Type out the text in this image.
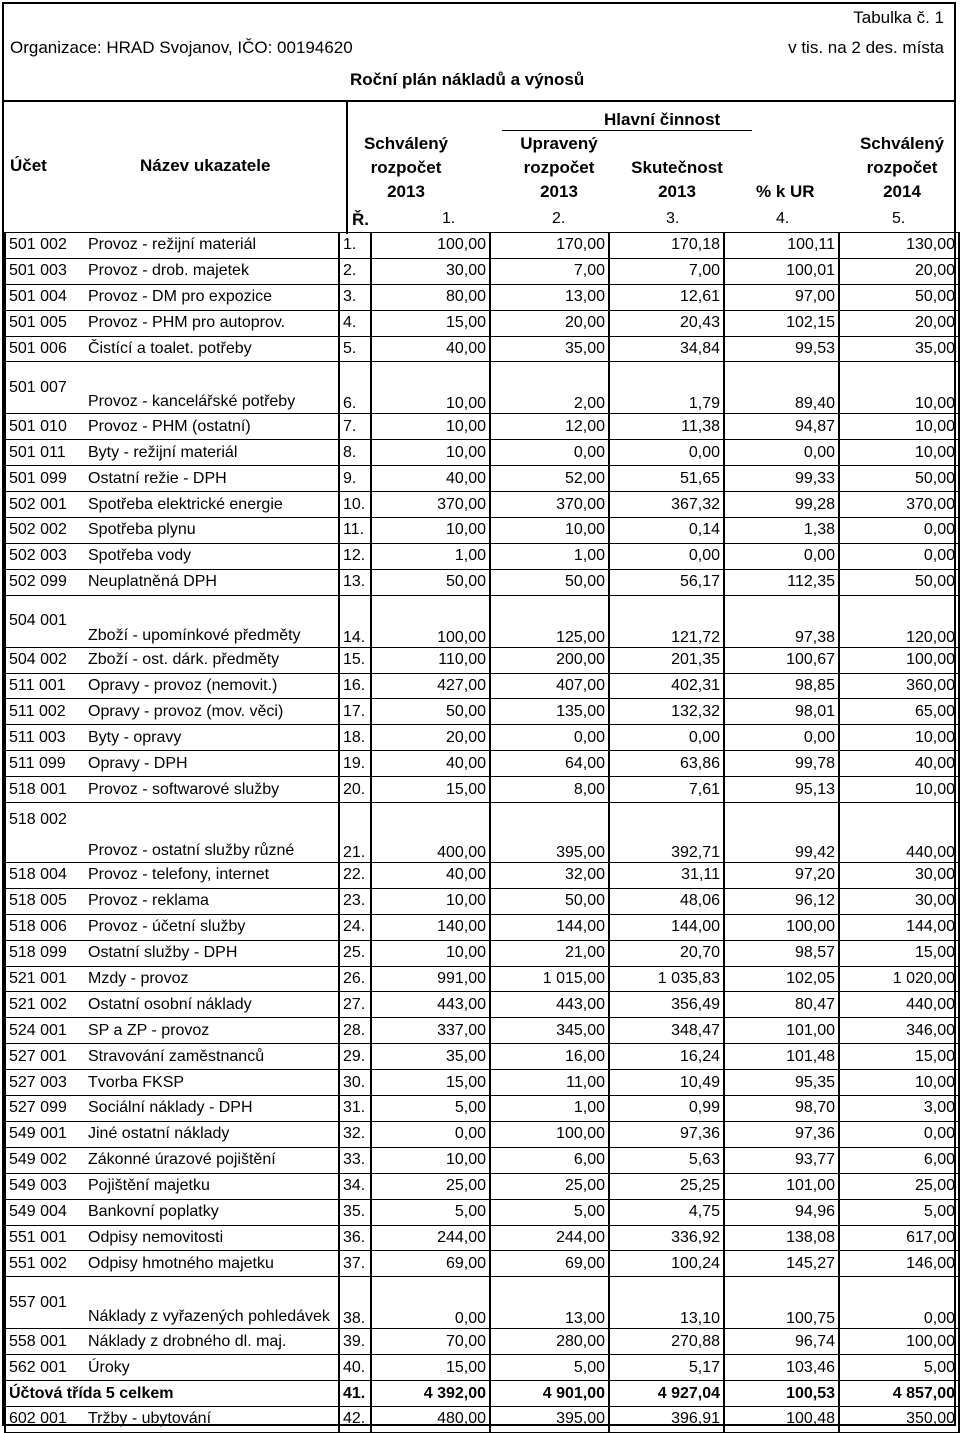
Tabulka č. 1
Organizace: HRAD Svojanov, IČO: 00194620	v tis. na 2 des. místa
Roční plán nákladů a výnosů
Účet	Název ukazatele
Hlavní činnost
Schválený
rozpočet
2013
Upravený
rozpočet
2013
Skutečnost
2013	% k UR
Schválený
rozpočet
2014
Ř.	1.	2.	3.	4.	5.
501 002	Provoz - režijní materiál	1.	100,00	170,00	170,18	100,11	130,00
501 003	Provoz - drob. majetek	2.	30,00	7,00	7,00	100,01	20,00
501 004	Provoz - DM pro expozice	3.	80,00	13,00	12,61	97,00	50,00
501 005	Provoz - PHM pro autoprov.	4.	15,00	20,00	20,43	102,15	20,00
501 006	Čistící a toalet. potřeby	5.	40,00	35,00	34,84	99,53	35,00
501 007	Provoz - kancelářské potřeby	6.	10,00	2,00	1,79	89,40	10,00
501 010	Provoz - PHM (ostatní)	7.	10,00	12,00	11,38	94,87	10,00
501 011	Byty - režijní materiál	8.	10,00	0,00	0,00	0,00	10,00
501 099	Ostatní režie - DPH	9.	40,00	52,00	51,65	99,33	50,00
502 001	Spotřeba elektrické energie	10.	370,00	370,00	367,32	99,28	370,00
502 002	Spotřeba plynu	11.	10,00	10,00	0,14	1,38	0,00
502 003	Spotřeba vody	12.	1,00	1,00	0,00	0,00	0,00
502 099	Neuplatněná DPH	13.	50,00	50,00	56,17	112,35	50,00
504 001	Zboží - upomínkové předměty	14.	100,00	125,00	121,72	97,38	120,00
504 002	Zboží - ost. dárk. předměty	15.	110,00	200,00	201,35	100,67	100,00
511 001	Opravy - provoz (nemovit.)	16.	427,00	407,00	402,31	98,85	360,00
511 002	Opravy - provoz (mov. věci)	17.	50,00	135,00	132,32	98,01	65,00
511 003	Byty - opravy	18.	20,00	0,00	0,00	0,00	10,00
511 099	Opravy - DPH	19.	40,00	64,00	63,86	99,78	40,00
518 001	Provoz - softwarové služby	20.	15,00	8,00	7,61	95,13	10,00
518 002	Provoz - ostatní služby různé	21.	400,00	395,00	392,71	99,42	440,00
518 004	Provoz - telefony, internet	22.	40,00	32,00	31,11	97,20	30,00
518 005	Provoz - reklama	23.	10,00	50,00	48,06	96,12	30,00
518 006	Provoz - účetní služby	24.	140,00	144,00	144,00	100,00	144,00
518 099	Ostatní služby - DPH	25.	10,00	21,00	20,70	98,57	15,00
521 001	Mzdy - provoz	26.	991,00	1 015,00	1 035,83	102,05	1 020,00
521 002	Ostatní osobní náklady	27.	443,00	443,00	356,49	80,47	440,00
524 001	SP a ZP - provoz	28.	337,00	345,00	348,47	101,00	346,00
527 001	Stravování zaměstnanců	29.	35,00	16,00	16,24	101,48	15,00
527 003	Tvorba FKSP	30.	15,00	11,00	10,49	95,35	10,00
527 099	Sociální náklady - DPH	31.	5,00	1,00	0,99	98,70	3,00
549 001	Jiné ostatní náklady	32.	0,00	100,00	97,36	97,36	0,00
549 002	Zákonné úrazové pojištění	33.	10,00	6,00	5,63	93,77	6,00
549 003	Pojištění majetku	34.	25,00	25,00	25,25	101,00	25,00
549 004	Bankovní poplatky	35.	5,00	5,00	4,75	94,96	5,00
551 001	Odpisy nemovitosti	36.	244,00	244,00	336,92	138,08	617,00
551 002	Odpisy hmotného majetku	37.	69,00	69,00	100,24	145,27	146,00
557 001	Náklady z vyřazených pohledávek	38.	0,00	13,00	13,10	100,75	0,00
558 001	Náklady z drobného dl. maj.	39.	70,00	280,00	270,88	96,74	100,00
562 001	Úroky	40.	15,00	5,00	5,17	103,46	5,00
Účtová třída 5 celkem		41.	4 392,00	4 901,00	4 927,04	100,53	4 857,00
602 001	Tržby - ubytování	42.	480,00	395,00	396,91	100,48	350,00
